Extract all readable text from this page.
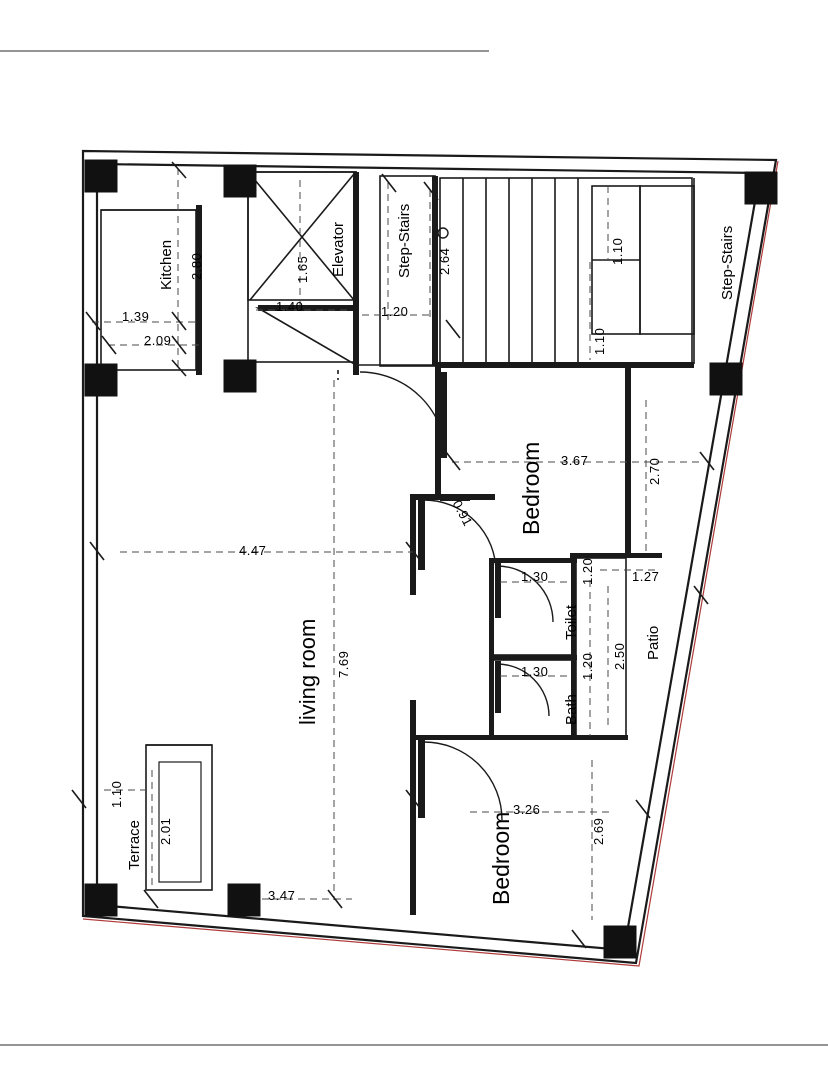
Kitchen 2.80
1.39
2.09
Elevator
1.65
1.40
Step-Stairs
1.20
2.64	Step-Stairs
1.10
1.10
Bedroom 3.67	2.70
living room
4.47
7.69
3.47
0.91
Toilet
1.30 1.20
Bath
1.30 1.20
Patio
1.27
2.50
Bedroom
3.26
2.69
Terrace
1.10
2.01
